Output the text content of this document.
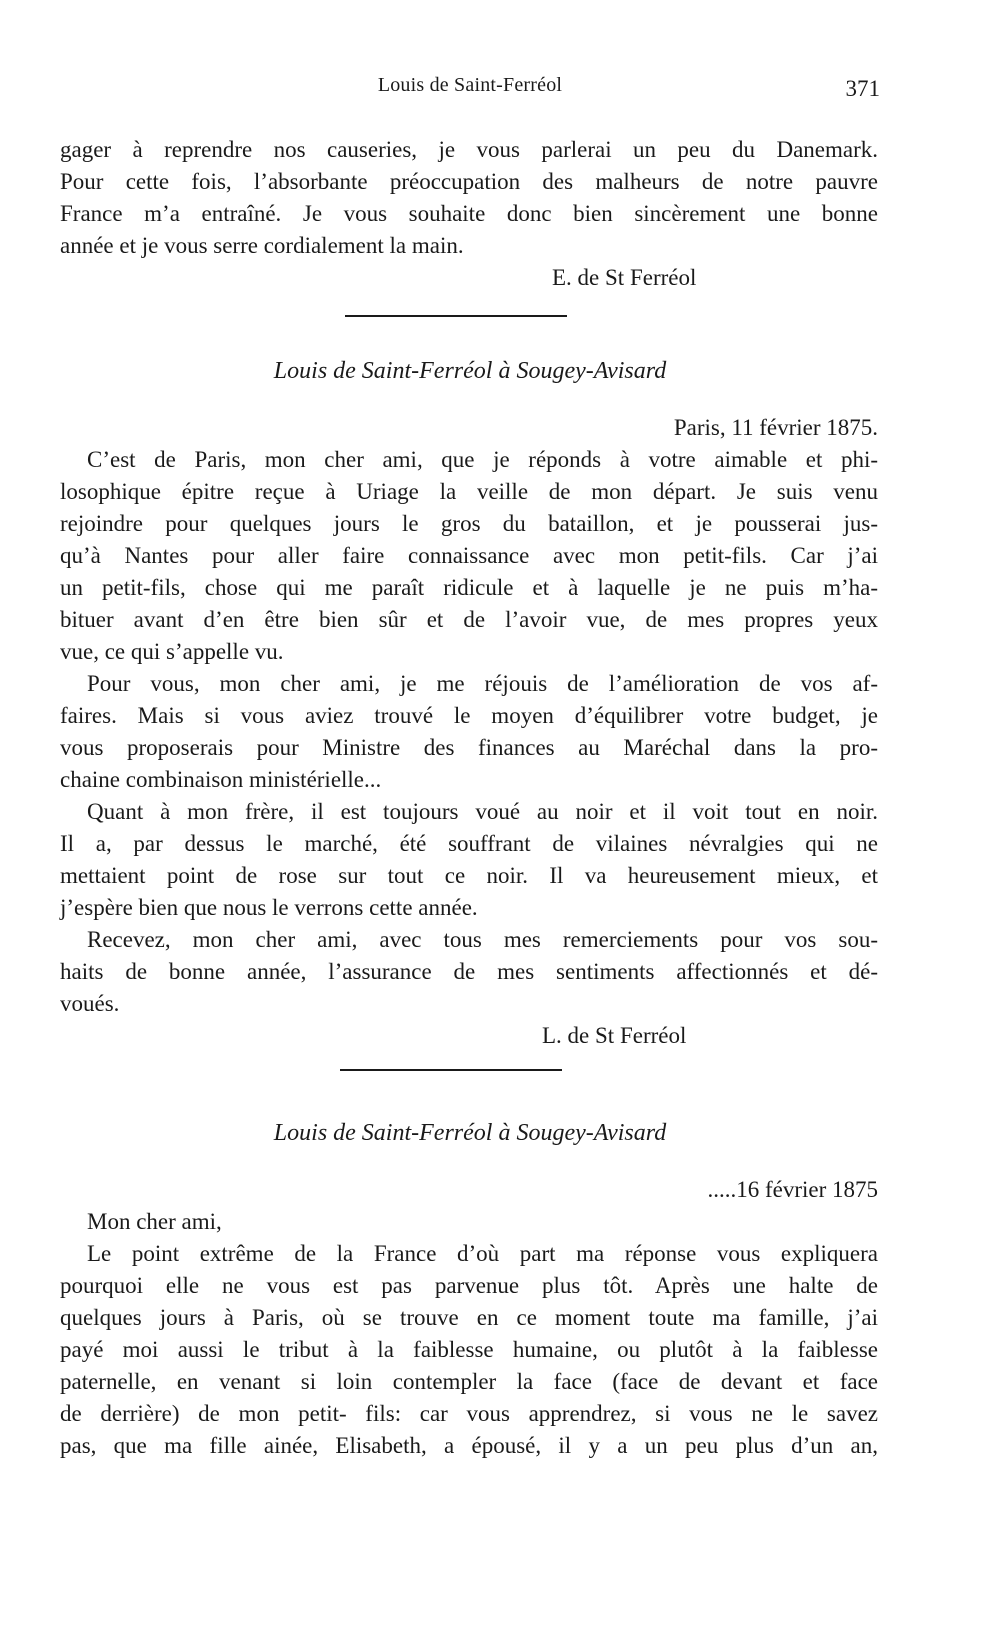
Louis de Saint-Ferréol	371
gager à reprendre nos causeries, je vous parlerai un peu du Danemark.
Pour cette fois, l’absorbante préoccupation des malheurs de notre pauvre
France m’a entraîné. Je vous souhaite donc bien sincèrement une bonne
année et je vous serre cordialement la main.
E. de St Ferréol
Louis de Saint-Ferréol à Sougey-Avisard
Paris, 11 février 1875.
C’est de Paris, mon cher ami, que je réponds à votre aimable et phi-
losophique épitre reçue à Uriage la veille de mon départ. Je suis venu
rejoindre pour quelques jours le gros du bataillon, et je pousserai jus-
qu’à Nantes pour aller faire connaissance avec mon petit-fils. Car j’ai
un petit-fils, chose qui me paraît ridicule et à laquelle je ne puis m’ha-
bituer avant d’en être bien sûr et de l’avoir vue, de mes propres yeux
vue, ce qui s’appelle vu.
Pour vous, mon cher ami, je me réjouis de l’amélioration de vos af-
faires. Mais si vous aviez trouvé le moyen d’équilibrer votre budget, je
vous proposerais pour Ministre des finances au Maréchal dans la pro-
chaine combinaison ministérielle...
Quant à mon frère, il est toujours voué au noir et il voit tout en noir.
Il a, par dessus le marché, été souffrant de vilaines névralgies qui ne
mettaient point de rose sur tout ce noir. Il va heureusement mieux, et
j’espère bien que nous le verrons cette année.
Recevez, mon cher ami, avec tous mes remerciements pour vos sou-
haits de bonne année, l’assurance de mes sentiments affectionnés et dé-
voués.
L. de St Ferréol
Louis de Saint-Ferréol à Sougey-Avisard
.....16 février 1875
Mon cher ami,
Le point extrême de la France d’où part ma réponse vous expliquera
pourquoi elle ne vous est pas parvenue plus tôt. Après une halte de
quelques jours à Paris, où se trouve en ce moment toute ma famille, j’ai
payé moi aussi le tribut à la faiblesse humaine, ou plutôt à la faiblesse
paternelle, en venant si loin contempler la face (face de devant et face
de derrière) de mon petit- fils: car vous apprendrez, si vous ne le savez
pas, que ma fille ainée, Elisabeth, a épousé, il y a un peu plus d’un an,
